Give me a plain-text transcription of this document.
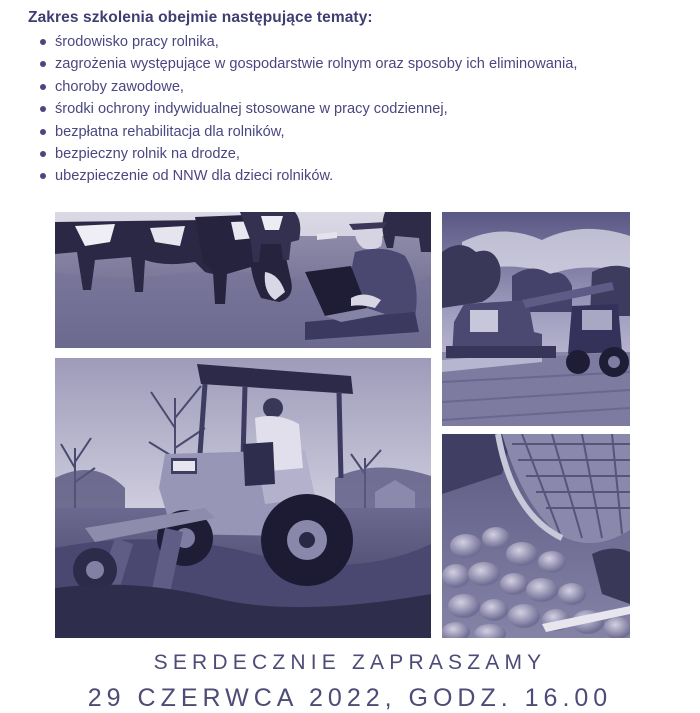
Zakres szkolenia obejmie następujące tematy:
środowisko pracy rolnika,
zagrożenia występujące w gospodarstwie rolnym oraz sposoby ich eliminowania,
choroby zawodowe,
środki ochrony indywidualnej stosowane w pracy codziennej,
bezpłatna rehabilitacja dla rolników,
bezpieczny rolnik na drodze,
ubezpieczenie od NNW dla dzieci rolników.
SERDECZNIE ZAPRASZAMY
29 CZERWCA 2022, GODZ. 16.00
